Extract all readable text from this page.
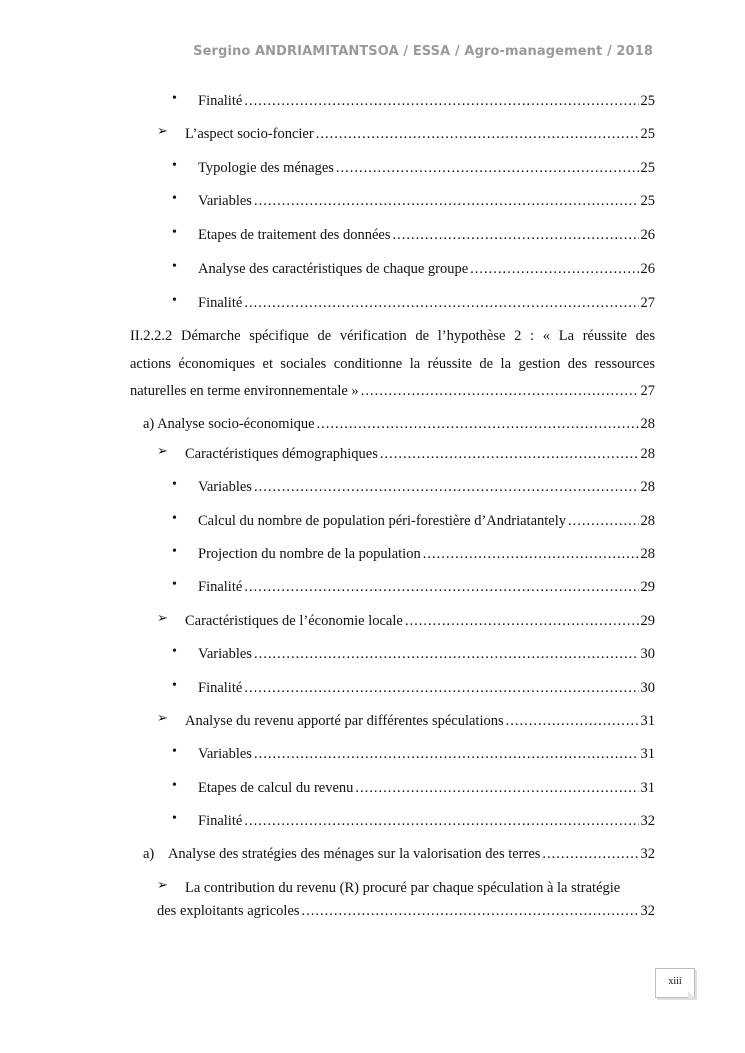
Sergino ANDRIAMITANTSOA / ESSA / Agro-management / 2018
• Finalité .....	25
➢ L’aspect socio-foncier .....	25
• Typologie des ménages .....	25
• Variables .....	25
• Etapes de traitement des données .....	26
• Analyse des caractéristiques de chaque groupe .....	26
• Finalité .....	27
II.2.2.2 Démarche spécifique de vérification de l’hypothèse 2 : « La réussite des
actions économiques et sociales conditionne la réussite de la gestion des ressources
naturelles en terme environnementale » .....	27
a) Analyse socio-économique .....	28
➢ Caractéristiques démographiques .....	28
• Variables .....	28
• Calcul du nombre de population péri-forestière d’Andriatantely .....	28
• Projection du nombre de la population .....	28
• Finalité .....	29
➢ Caractéristiques de l’économie locale .....	29
• Variables .....	30
• Finalité .....	30
➢ Analyse du revenu apporté par différentes spéculations .....	31
• Variables .....	31
• Etapes de calcul du revenu .....	31
• Finalité .....	32
a)    Analyse des stratégies des ménages sur la valorisation des terres .....	32
➢ La contribution du revenu (R) procuré par chaque spéculation à la stratégie
des exploitants agricoles .....	32
xiii
